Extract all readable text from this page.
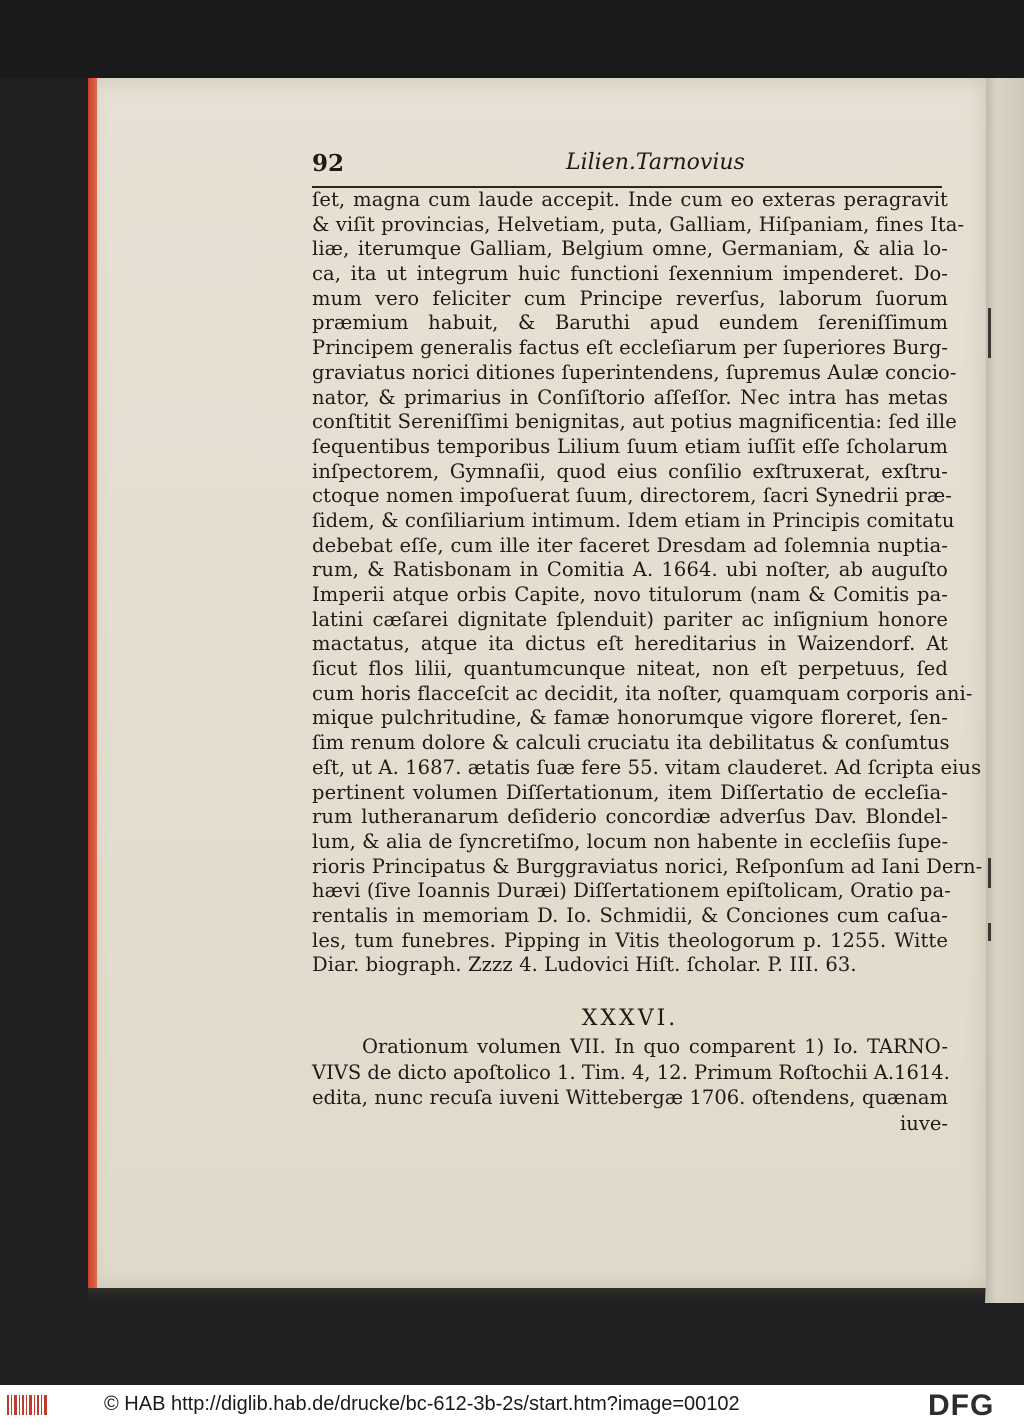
92	Lilien.Tarnovius
ſet, magna cum laude accepit. Inde cum eo exteras peragravit
& viſit provincias, Helvetiam, puta, Galliam, Hiſpaniam, fines Ita-
liæ, iterumque Galliam, Belgium omne, Germaniam, & alia lo-
ca, ita ut integrum huic functioni ſexennium impenderet. Do-
mum vero feliciter cum Principe reverſus, laborum ſuorum
præmium habuit, & Baruthi apud eundem ſereniſſimum
Principem generalis factus eſt eccleſiarum per ſuperiores Burg-
graviatus norici ditiones ſuperintendens, ſupremus Aulæ concio-
nator, & primarius in Conſiſtorio aſſeſſor. Nec intra has metas
conſtitit Sereniſſimi benignitas, aut potius magnificentia: ſed ille
ſequentibus temporibus Lilium ſuum etiam iuſſit eſſe ſcholarum
inſpectorem, Gymnaſii, quod eius conſilio exſtruxerat, exſtru-
ctoque nomen impoſuerat ſuum, directorem, ſacri Synedrii præ-
ſidem, & conſiliarium intimum. Idem etiam in Principis comitatu
debebat eſſe, cum ille iter faceret Dresdam ad ſolemnia nuptia-
rum, & Ratisbonam in Comitia A. 1664. ubi noſter, ab auguſto
Imperii atque orbis Capite, novo titulorum (nam & Comitis pa-
latini cæſarei dignitate ſplenduit) pariter ac inſignium honore
mactatus, atque ita dictus eſt hereditarius in Waizendorf. At
ſicut flos lilii, quantumcunque niteat, non eſt perpetuus, ſed
cum horis flacceſcit ac decidit, ita noſter, quamquam corporis ani-
mique pulchritudine, & famæ honorumque vigore floreret, ſen-
ſim renum dolore & calculi cruciatu ita debilitatus & conſumtus
eſt, ut A. 1687. ætatis ſuæ fere 55. vitam clauderet. Ad ſcripta eius
pertinent volumen Diſſertationum, item Diſſertatio de eccleſia-
rum lutheranarum deſiderio concordiæ adverſus Dav. Blondel-
lum, & alia de ſyncretiſmo, locum non habente in eccleſiis ſupe-
rioris Principatus & Burggraviatus norici, Reſponſum ad Iani Dern-
hævi (ſive Ioannis Duræi) Diſſertationem epiſtolicam, Oratio pa-
rentalis in memoriam D. Io. Schmidii, & Conciones cum caſua-
les, tum funebres. Pipping in Vitis theologorum p. 1255. Witte
Diar. biograph. Zzzz 4. Ludovici Hiſt. ſcholar. P. III. 63.
XXXVI.
Orationum volumen VII. In quo comparent 1) Io. TARNO-
VIVS de dicto apoſtolico 1. Tim. 4, 12. Primum Roſtochii A.1614.
edita, nunc recuſa iuveni Wittebergæ 1706. oſtendens, quænam
iuve-
© HAB http://diglib.hab.de/drucke/bc-612-3b-2s/start.htm?image=00102	DFG
